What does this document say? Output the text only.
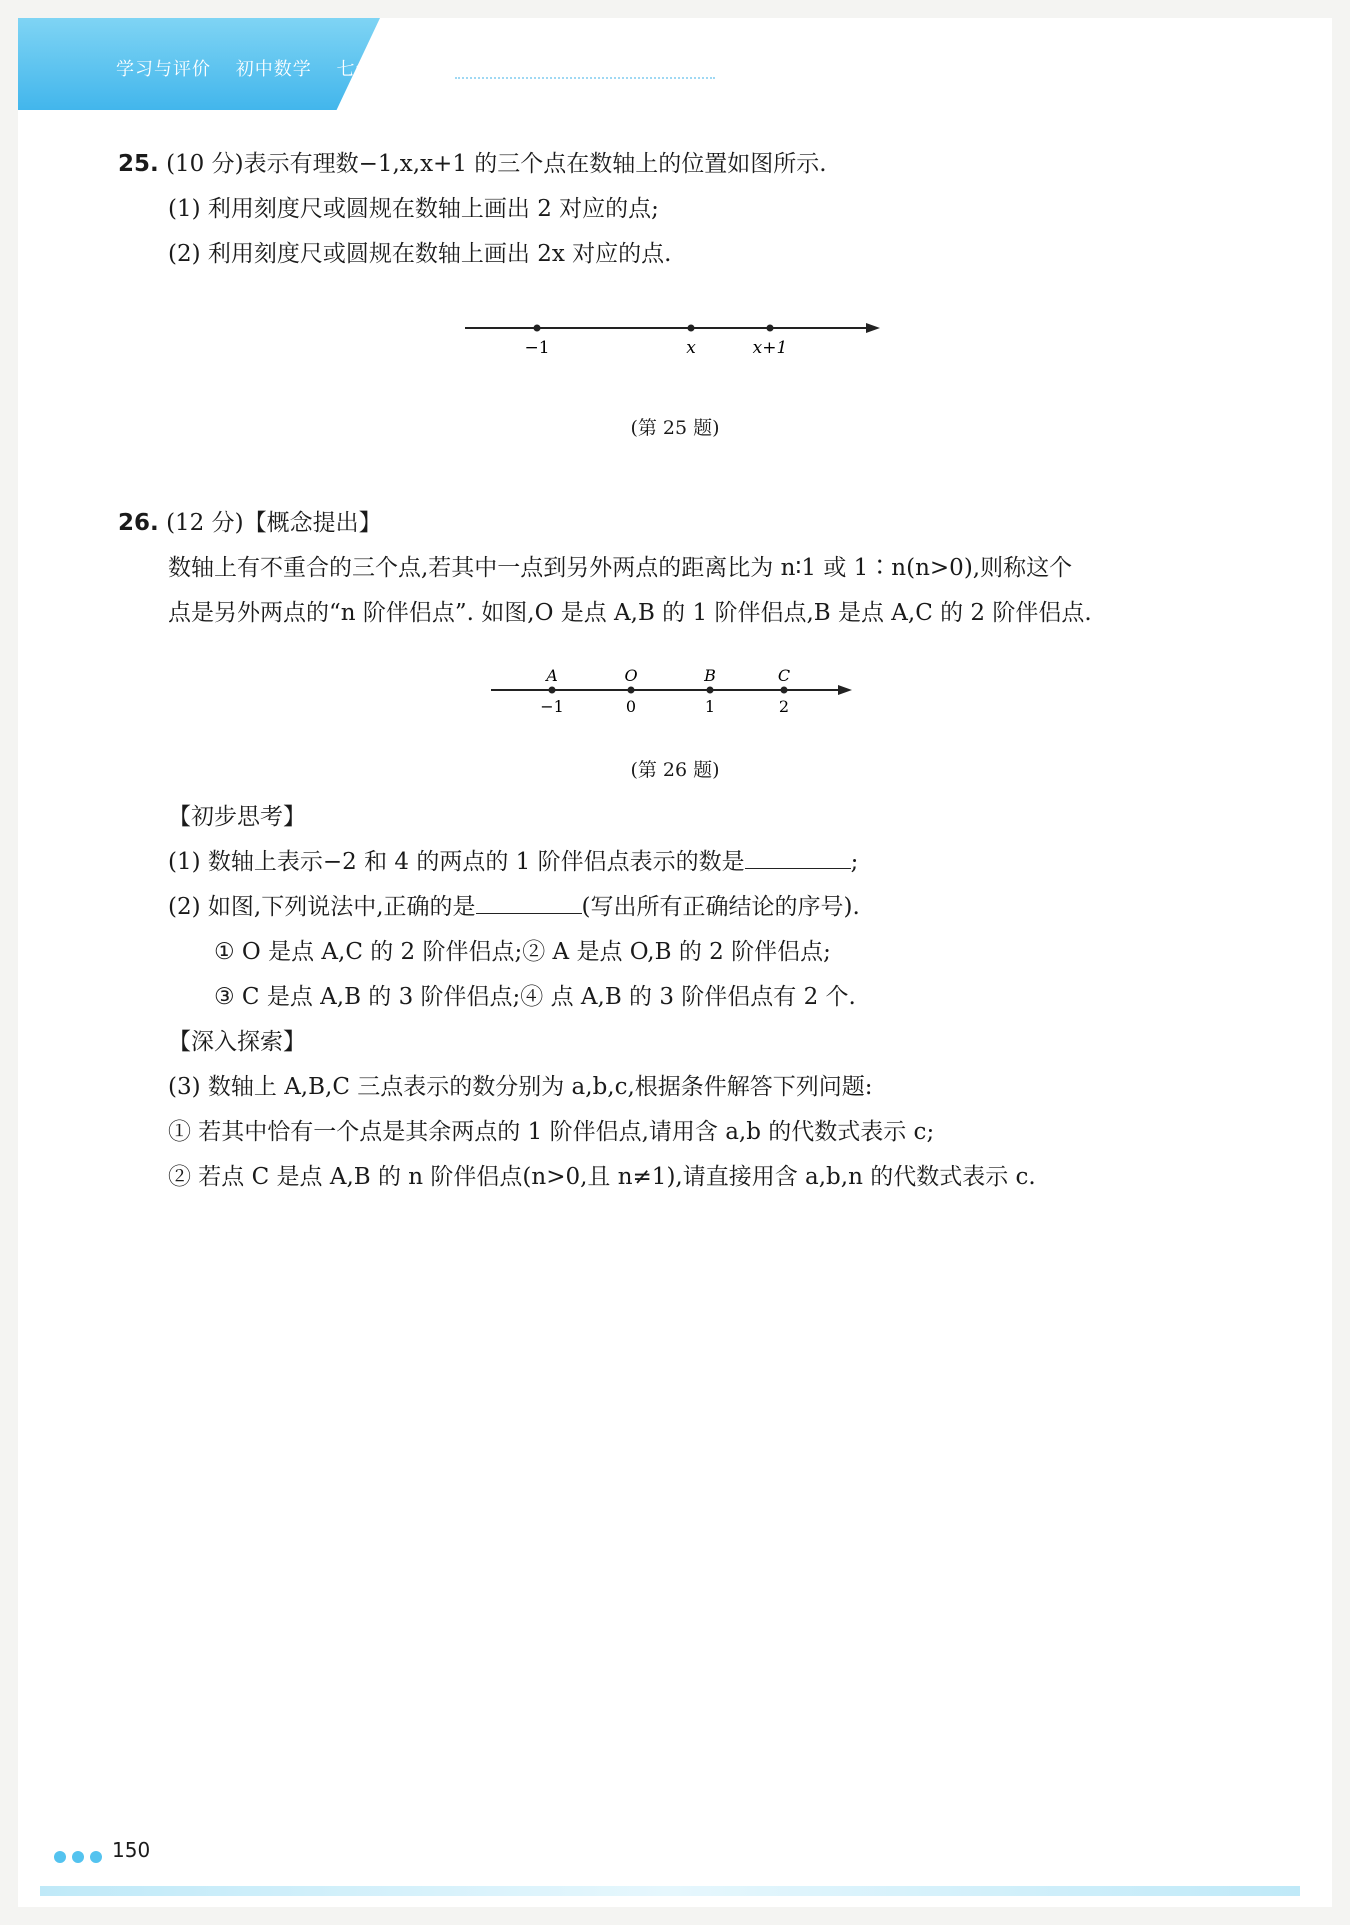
学习与评价 初中数学 七年级上册
25. (10 分)表示有理数−1,x,x+1 的三个点在数轴上的位置如图所示.
(1) 利用刻度尺或圆规在数轴上画出 2 对应的点;
(2) 利用刻度尺或圆规在数轴上画出 2x 对应的点.
−1	x	x+1
(第 25 题)
26. (12 分)【概念提出】
数轴上有不重合的三个点,若其中一点到另外两点的距离比为 n∶1 或 1∶n(n>0),则称这个
点是另外两点的“n 阶伴侣点”. 如图,O 是点 A,B 的 1 阶伴侣点,B 是点 A,C 的 2 阶伴侣点.
A	O	B	C
−1	0	1	2
(第 26 题)
【初步思考】
(1) 数轴上表示−2 和 4 的两点的 1 阶伴侣点表示的数是	;
(2) 如图,下列说法中,正确的是	(写出所有正确结论的序号).
① O 是点 A,C 的 2 阶伴侣点;② A 是点 O,B 的 2 阶伴侣点;
③ C 是点 A,B 的 3 阶伴侣点;④ 点 A,B 的 3 阶伴侣点有 2 个.
【深入探索】
(3) 数轴上 A,B,C 三点表示的数分别为 a,b,c,根据条件解答下列问题:
① 若其中恰有一个点是其余两点的 1 阶伴侣点,请用含 a,b 的代数式表示 c;
② 若点 C 是点 A,B 的 n 阶伴侣点(n>0,且 n≠1),请直接用含 a,b,n 的代数式表示 c.
150
